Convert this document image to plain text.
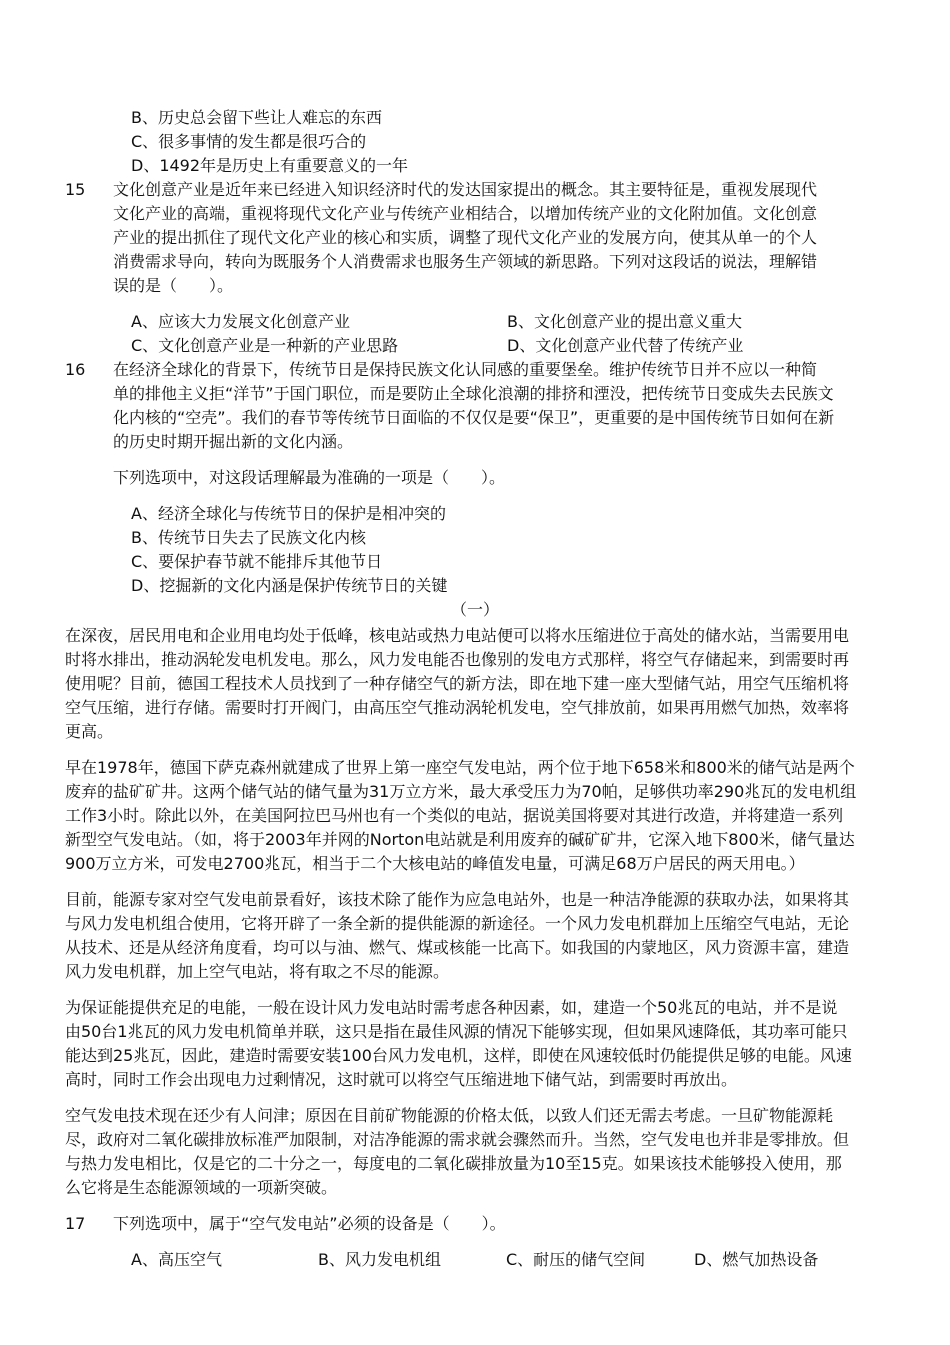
B、历史总会留下些让人难忘的东西
C、很多事情的发生都是很巧合的
D、1492年是历史上有重要意义的一年
15 文化创意产业是近年来已经进入知识经济时代的发达国家提出的概念。其主要特征是，重视发展现代
文化产业的高端，重视将现代文化产业与传统产业相结合，以增加传统产业的文化附加值。文化创意
产业的提出抓住了现代文化产业的核心和实质，调整了现代文化产业的发展方向，使其从单一的个人
消费需求导向，转向为既服务个人消费需求也服务生产领域的新思路。下列对这段话的说法，理解错
误的是（　　）。
A、应该大力发展文化创意产业	B、文化创意产业的提出意义重大
C、文化创意产业是一种新的产业思路	D、文化创意产业代替了传统产业
16 在经济全球化的背景下，传统节日是保持民族文化认同感的重要堡垒。维护传统节日并不应以一种简
单的排他主义拒“洋节”于国门职位，而是要防止全球化浪潮的排挤和湮没，把传统节日变成失去民族文
化内核的“空壳”。我们的春节等传统节日面临的不仅仅是要“保卫”，更重要的是中国传统节日如何在新
的历史时期开掘出新的文化内涵。
下列选项中，对这段话理解最为准确的一项是（　　）。
A、经济全球化与传统节日的保护是相冲突的
B、传统节日失去了民族文化内核
C、要保护春节就不能排斥其他节日
D、挖掘新的文化内涵是保护传统节日的关键
（一）
在深夜，居民用电和企业用电均处于低峰，核电站或热力电站便可以将水压缩进位于高处的储水站，当需要用电
时将水排出，推动涡轮发电机发电。那么，风力发电能否也像别的发电方式那样，将空气存储起来，到需要时再
使用呢？目前，德国工程技术人员找到了一种存储空气的新方法，即在地下建一座大型储气站，用空气压缩机将
空气压缩，进行存储。需要时打开阀门，由高压空气推动涡轮机发电，空气排放前，如果再用燃气加热，效率将
更高。
早在1978年，德国下萨克森州就建成了世界上第一座空气发电站，两个位于地下658米和800米的储气站是两个
废弃的盐矿矿井。这两个储气站的储气量为31万立方米，最大承受压力为70帕，足够供功率290兆瓦的发电机组
工作3小时。除此以外，在美国阿拉巴马州也有一个类似的电站，据说美国将要对其进行改造，并将建造一系列
新型空气发电站。（如，将于2003年并网的Norton电站就是利用废弃的碱矿矿井，它深入地下800米，储气量达
900万立方米，可发电2700兆瓦，相当于二个大核电站的峰值发电量，可满足68万户居民的两天用电。）
目前，能源专家对空气发电前景看好，该技术除了能作为应急电站外，也是一种洁净能源的获取办法，如果将其
与风力发电机组合使用，它将开辟了一条全新的提供能源的新途径。一个风力发电机群加上压缩空气电站，无论
从技术、还是从经济角度看，均可以与油、燃气、煤或核能一比高下。如我国的内蒙地区，风力资源丰富，建造
风力发电机群，加上空气电站，将有取之不尽的能源。
为保证能提供充足的电能，一般在设计风力发电站时需考虑各种因素，如，建造一个50兆瓦的电站，并不是说
由50台1兆瓦的风力发电机简单并联，这只是指在最佳风源的情况下能够实现，但如果风速降低，其功率可能只
能达到25兆瓦，因此，建造时需要安装100台风力发电机，这样，即使在风速较低时仍能提供足够的电能。风速
高时，同时工作会出现电力过剩情况，这时就可以将空气压缩进地下储气站，到需要时再放出。
空气发电技术现在还少有人问津；原因在目前矿物能源的价格太低，以致人们还无需去考虑。一旦矿物能源耗
尽，政府对二氧化碳排放标准严加限制，对洁净能源的需求就会骤然而升。当然，空气发电也并非是零排放。但
与热力发电相比，仅是它的二十分之一，每度电的二氧化碳排放量为10至15克。如果该技术能够投入使用，那
么它将是生态能源领域的一项新突破。
17 下列选项中，属于“空气发电站”必须的设备是（　　）。
A、高压空气	B、风力发电机组	C、耐压的储气空间	D、燃气加热设备
